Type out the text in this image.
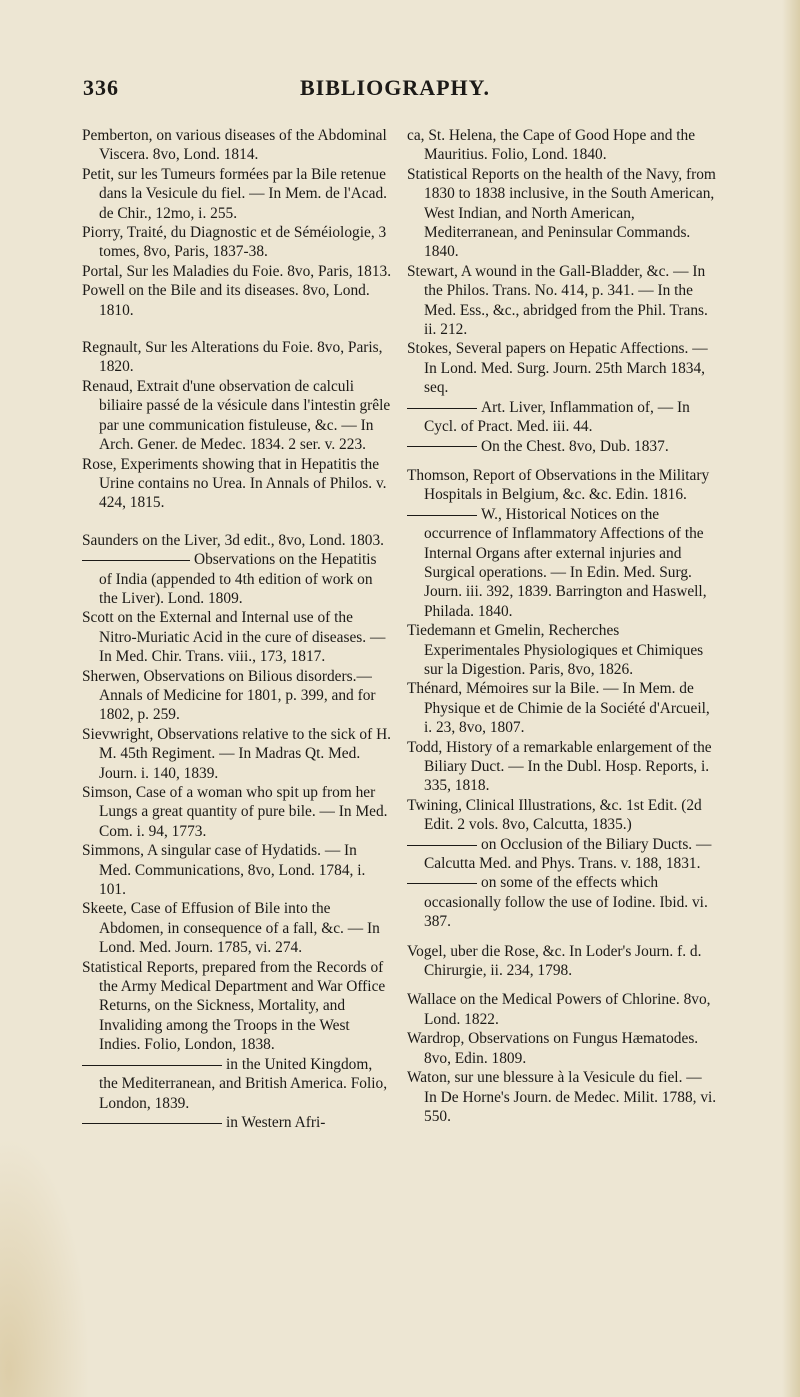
336	BIBLIOGRAPHY.

Pemberton, on various diseases of the Abdominal Viscera. 8vo, Lond. 1814.

Petit, sur les Tumeurs formées par la Bile retenue dans la Vesicule du fiel. — In Mem. de l'Acad. de Chir., 12mo, i. 255.

Piorry, Traité, du Diagnostic et de Séméiologie, 3 tomes, 8vo, Paris, 1837-38.

Portal, Sur les Maladies du Foie. 8vo, Paris, 1813.

Powell on the Bile and its diseases. 8vo, Lond. 1810.

Regnault, Sur les Alterations du Foie. 8vo, Paris, 1820.

Renaud, Extrait d'une observation de calculi biliaire passé de la vésicule dans l'intestin grêle par une communication fistuleuse, &c. — In Arch. Gener. de Medec. 1834. 2 ser. v. 223.

Rose, Experiments showing that in Hepatitis the Urine contains no Urea. In Annals of Philos. v. 424, 1815.

Saunders on the Liver, 3d edit., 8vo, Lond. 1803.

Observations on the Hepatitis of India (appended to 4th edition of work on the Liver). Lond. 1809.

Scott on the External and Internal use of the Nitro-Muriatic Acid in the cure of diseases. — In Med. Chir. Trans. viii., 173, 1817.

Sherwen, Observations on Bilious disorders.—Annals of Medicine for 1801, p. 399, and for 1802, p. 259.

Sievwright, Observations relative to the sick of H. M. 45th Regiment. — In Madras Qt. Med. Journ. i. 140, 1839.

Simson, Case of a woman who spit up from her Lungs a great quantity of pure bile. — In Med. Com. i. 94, 1773.

Simmons, A singular case of Hydatids. — In Med. Communications, 8vo, Lond. 1784, i. 101.

Skeete, Case of Effusion of Bile into the Abdomen, in consequence of a fall, &c. — In Lond. Med. Journ. 1785, vi. 274.

Statistical Reports, prepared from the Records of the Army Medical Department and War Office Returns, on the Sickness, Mortality, and Invaliding among the Troops in the West Indies. Folio, London, 1838.

in the United Kingdom, the Mediterranean, and British America. Folio, London, 1839.

in Western Afri-

ca, St. Helena, the Cape of Good Hope and the Mauritius. Folio, Lond. 1840.

Statistical Reports on the health of the Navy, from 1830 to 1838 inclusive, in the South American, West Indian, and North American, Mediterranean, and Peninsular Commands. 1840.

Stewart, A wound in the Gall-Bladder, &c. — In the Philos. Trans. No. 414, p. 341. — In the Med. Ess., &c., abridged from the Phil. Trans. ii. 212.

Stokes, Several papers on Hepatic Affections. — In Lond. Med. Surg. Journ. 25th March 1834, seq.

Art. Liver, Inflammation of, — In Cycl. of Pract. Med. iii. 44.

On the Chest. 8vo, Dub. 1837.

Thomson, Report of Observations in the Military Hospitals in Belgium, &c. &c. Edin. 1816.

W., Historical Notices on the occurrence of Inflammatory Affections of the Internal Organs after external injuries and Surgical operations. — In Edin. Med. Surg. Journ. iii. 392, 1839. Barrington and Haswell, Philada. 1840.

Tiedemann et Gmelin, Recherches Experimentales Physiologiques et Chimiques sur la Digestion. Paris, 8vo, 1826.

Thénard, Mémoires sur la Bile. — In Mem. de Physique et de Chimie de la Société d'Arcueil, i. 23, 8vo, 1807.

Todd, History of a remarkable enlargement of the Biliary Duct. — In the Dubl. Hosp. Reports, i. 335, 1818.

Twining, Clinical Illustrations, &c. 1st Edit. (2d Edit. 2 vols. 8vo, Calcutta, 1835.)

on Occlusion of the Biliary Ducts. — Calcutta Med. and Phys. Trans. v. 188, 1831.

on some of the effects which occasionally follow the use of Iodine. Ibid. vi. 387.

Vogel, uber die Rose, &c. In Loder's Journ. f. d. Chirurgie, ii. 234, 1798.

Wallace on the Medical Powers of Chlorine. 8vo, Lond. 1822.

Wardrop, Observations on Fungus Hæmatodes. 8vo, Edin. 1809.

Waton, sur une blessure à la Vesicule du fiel. — In De Horne's Journ. de Medec. Milit. 1788, vi. 550.
